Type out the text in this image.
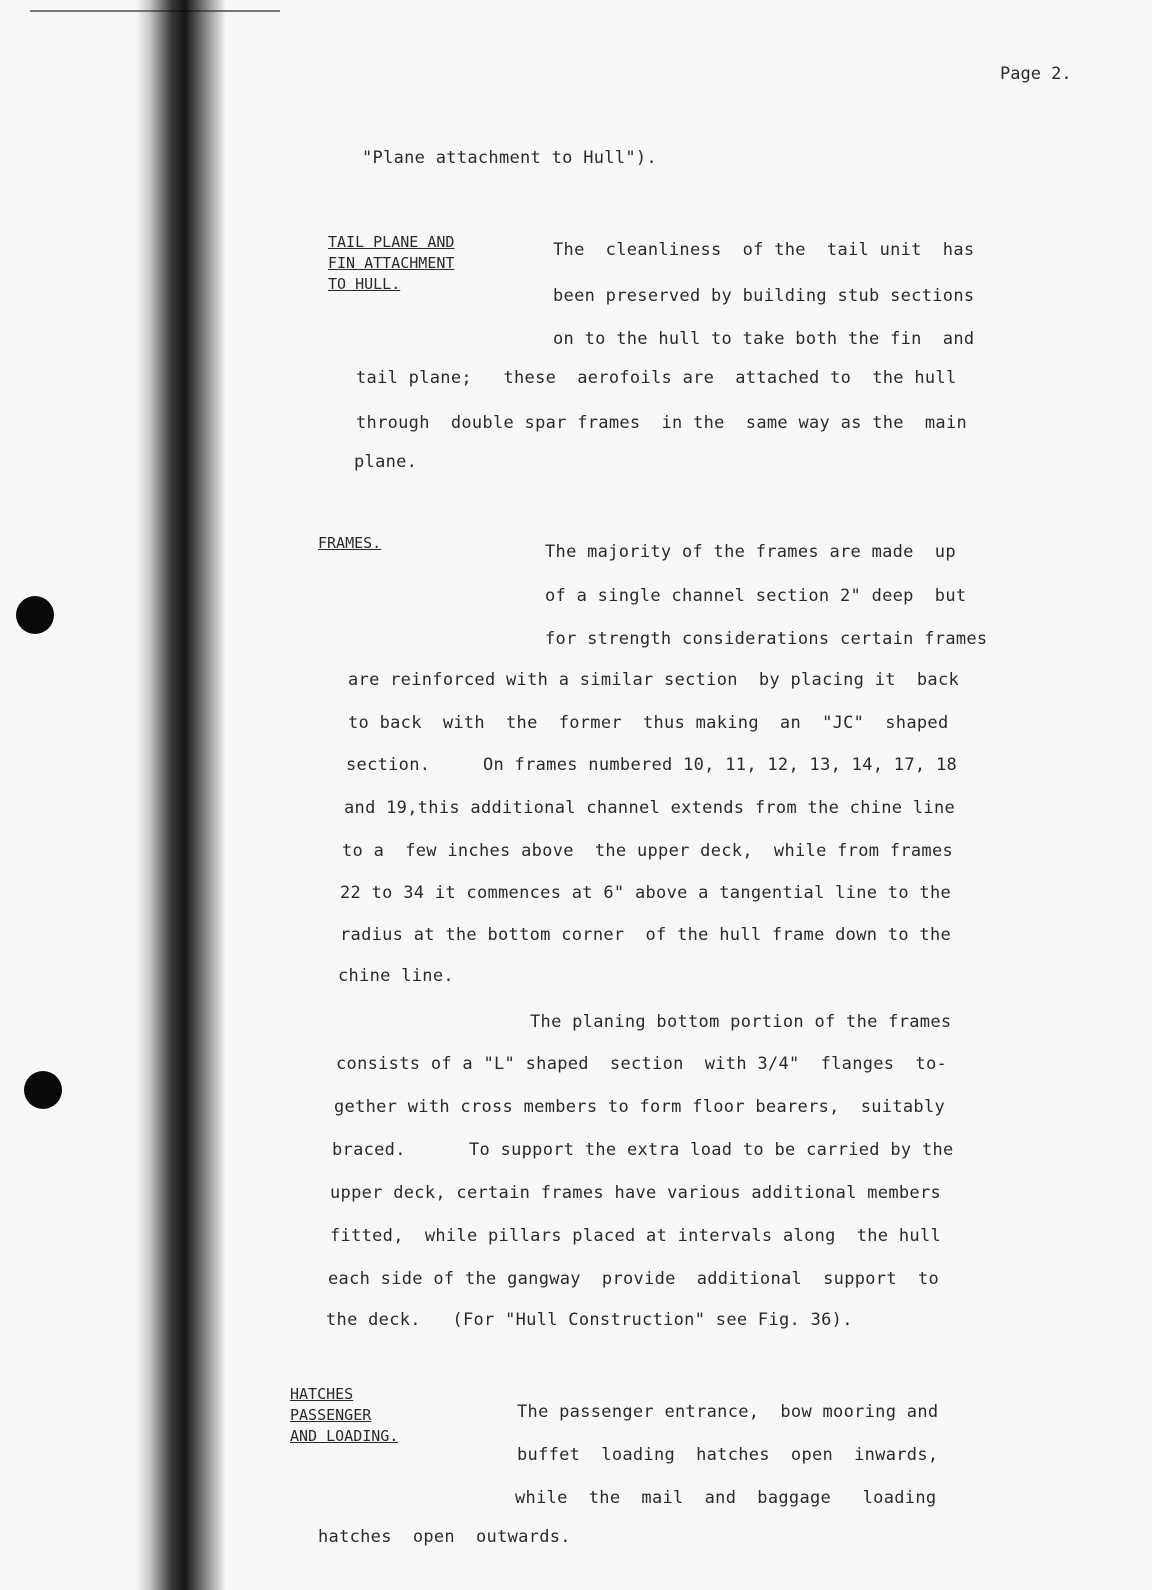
Page 2.
"Plane attachment to Hull").
TAIL PLANE AND
FIN ATTACHMENT
TO HULL.
The  cleanliness  of the  tail unit  has
been preserved by building stub sections
on to the hull to take both the fin  and
tail plane;   these  aerofoils are  attached to  the hull
through  double spar frames  in the  same way as the  main
plane.
FRAMES.	The majority of the frames are made  up
of a single channel section 2" deep  but
for strength considerations certain frames
are reinforced with a similar section  by placing it  back
to back  with  the  former  thus making  an  "JC"  shaped
section.     On frames numbered 10, 11, 12, 13, 14, 17, 18
and 19,this additional channel extends from the chine line
to a  few inches above  the upper deck,  while from frames
22 to 34 it commences at 6" above a tangential line to the
radius at the bottom corner  of the hull frame down to the
chine line.
The planing bottom portion of the frames
consists of a "L" shaped  section  with 3/4"  flanges  to-
gether with cross members to form floor bearers,  suitably
braced.      To support the extra load to be carried by the
upper deck, certain frames have various additional members
fitted,  while pillars placed at intervals along  the hull
each side of the gangway  provide  additional  support  to
the deck.   (For "Hull Construction" see Fig. 36).
HATCHES
PASSENGER
AND LOADING.
The passenger entrance,  bow mooring and
buffet  loading  hatches  open  inwards,
while  the  mail  and  baggage   loading
hatches  open  outwards.
